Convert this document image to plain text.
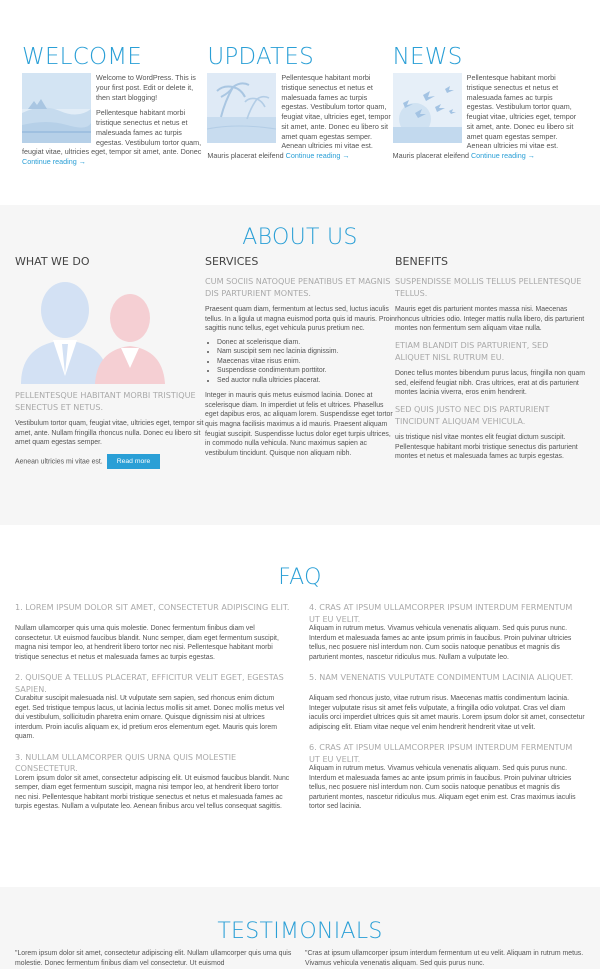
WELCOME

Welcome to WordPress. This is your first post. Edit or delete it, then start blogging!

Pellentesque habitant morbi tristique senectus et netus et malesuada fames ac turpis egestas. Vestibulum tortor quam, feugiat vitae, ultricies eget, tempor sit amet, ante. Donec

Continue reading →
UPDATES

Pellentesque habitant morbi tristique senectus et netus et malesuada fames ac turpis egestas. Vestibulum tortor quam, feugiat vitae, ultricies eget, tempor sit amet, ante. Donec eu libero sit amet quam egestas semper. Aenean ultricies mi vitae est. Mauris placerat eleifend Continue reading →

NEWS

Pellentesque habitant morbi tristique senectus et netus et malesuada fames ac turpis egestas. Vestibulum tortor quam, feugiat vitae, ultricies eget, tempor sit amet, ante. Donec eu libero sit amet quam egestas semper. Aenean ultricies mi vitae est. Mauris placerat eleifend Continue reading →

ABOUT US
WHAT WE DO
PELLENTESQUE HABITANT MORBI TRISTIQUE SENECTUS ET NETUS.

Vestibulum tortor quam, feugiat vitae, ultricies eget, tempor sit amet, ante. Nullam fringilla rhoncus nulla. Donec eu libero sit amet quam egestas semper.

Aenean ultricies mi vitae est. Read more

SERVICES
CUM SOCIIS NATOQUE PENATIBUS ET MAGNIS DIS PARTURIENT MONTES.

Praesent quam diam, fermentum at lectus sed, luctus iaculis tellus. In a ligula ut magna euismod porta quis id mauris. Proin sagittis nunc tellus, eget vehicula purus pretium nec.

• Donec at scelerisque diam.
• Nam suscipit sem nec lacinia dignissim.
• Maecenas vitae risus enim.
• Suspendisse condimentum porttitor.
• Sed auctor nulla ultricies placerat.

Integer in mauris quis metus euismod lacinia. Donec at scelerisque diam. In imperdiet ut felis et ultrices. Phasellus eget dapibus eros, ac aliquam lorem. Suspendisse eget tortor quis magna facilisis maximus a id mauris. Praesent aliquam feugiat suscipit. Suspendisse luctus dolor eget turpis ultrices, in commodo nulla vehicula. Nunc maximus sapien ac vestibulum tincidunt. Quisque non aliquam nibh.

BENEFITS
SUSPENDISSE MOLLIS TELLUS PELLENTESQUE TELLUS.

Mauris eget dis parturient montes massa nisi. Maecenas rhoncus ultricies odio. Integer mattis nulla libero, dis parturient montes non fermentum sem aliquam vitae nulla.

ETIAM BLANDIT DIS PARTURIENT, SED ALIQUET NISL RUTRUM EU.

Donec tellus montes bibendum purus lacus, fringilla non quam sed, eleifend feugiat nibh. Cras ultrices, erat at dis parturient montes lacinia viverra, eros enim hendrerit.

SED QUIS JUSTO NEC DIS PARTURIENT TINCIDUNT ALIQUAM VEHICULA.

uis tristique nisl vitae montes elit feugiat dictum suscipit. Pellentesque habitant morbi tristique senectus dis parturient montes et netus et malesuada fames ac turpis egestas.

FAQ
1. LOREM IPSUM DOLOR SIT AMET, CONSECTETUR ADIPISCING ELIT.

Nullam ullamcorper quis urna quis molestie. Donec fermentum finibus diam vel consectetur. Ut euismod faucibus blandit. Nunc semper, diam eget fermentum suscipit, magna nisi tempor leo, at hendrerit libero tortor nec nisi. Pellentesque habitant morbi tristique senectus et netus et malesuada fames ac turpis egestas.

2. QUISQUE A TELLUS PLACERAT, EFFICITUR VELIT EGET, EGESTAS SAPIEN.

Curabitur suscipit malesuada nisl. Ut vulputate sem sapien, sed rhoncus enim dictum eget. Sed tristique tempus lacus, ut lacinia lectus mollis sit amet. Donec mollis metus vel dui vestibulum, sollicitudin pharetra enim ornare. Quisque dignissim nisi at ultrices interdum. Proin iaculis aliquam ex, id pretium eros elementum eget. Mauris quis lorem quam.

3. NULLAM ULLAMCORPER QUIS URNA QUIS MOLESTIE CONSECTETUR.

Lorem ipsum dolor sit amet, consectetur adipiscing elit. Ut euismod faucibus blandit. Nunc semper, diam eget fermentum suscipit, magna nisi tempor leo, at hendrerit libero tortor nec nisi. Pellentesque habitant morbi tristique senectus et netus et malesuada fames ac turpis egestas. Nullam a vulputate leo. Aenean finibus arcu vel tellus consequat sagittis.

4. CRAS AT IPSUM ULLAMCORPER IPSUM INTERDUM FERMENTUM UT EU VELIT.

Aliquam in rutrum metus. Vivamus vehicula venenatis aliquam. Sed quis purus nunc. Interdum et malesuada fames ac ante ipsum primis in faucibus. Proin pulvinar ultricies tellus, nec posuere nisl interdum non. Cum sociis natoque penatibus et magnis dis parturient montes, nascetur ridiculus mus. Nullam a vulputate leo.

5. NAM VENENATIS VULPUTATE CONDIMENTUM LACINIA ALIQUET.

Aliquam sed rhoncus justo, vitae rutrum risus. Maecenas mattis condimentum lacinia. Integer vulputate risus sit amet felis vulputate, a fringilla odio volutpat. Cras vel diam iaculis orci imperdiet ultrices quis sit amet mauris. Lorem ipsum dolor sit amet, consectetur adipiscing elit. Etiam vitae neque vel enim hendrerit hendrerit vitae ut velit.

6. CRAS AT IPSUM ULLAMCORPER IPSUM INTERDUM FERMENTUM UT EU VELIT.

Aliquam in rutrum metus. Vivamus vehicula venenatis aliquam. Sed quis purus nunc. Interdum et malesuada fames ac ante ipsum primis in faucibus. Proin pulvinar ultricies tellus, nec posuere nisl interdum non. Cum sociis natoque penatibus et magnis dis parturient montes, nascetur ridiculus mus. Aliquam eget enim est. Cras maximus iaculis tortor sed lacinia.

TESTIMONIALS

"Lorem ipsum dolor sit amet, consectetur adipiscing elit. Nullam ullamcorper quis urna quis molestie. Donec fermentum finibus diam vel consectetur. Ut euismod

"Cras at ipsum ullamcorper ipsum interdum fermentum ut eu velit. Aliquam in rutrum metus. Vivamus vehicula venenatis aliquam. Sed quis purus nunc.
